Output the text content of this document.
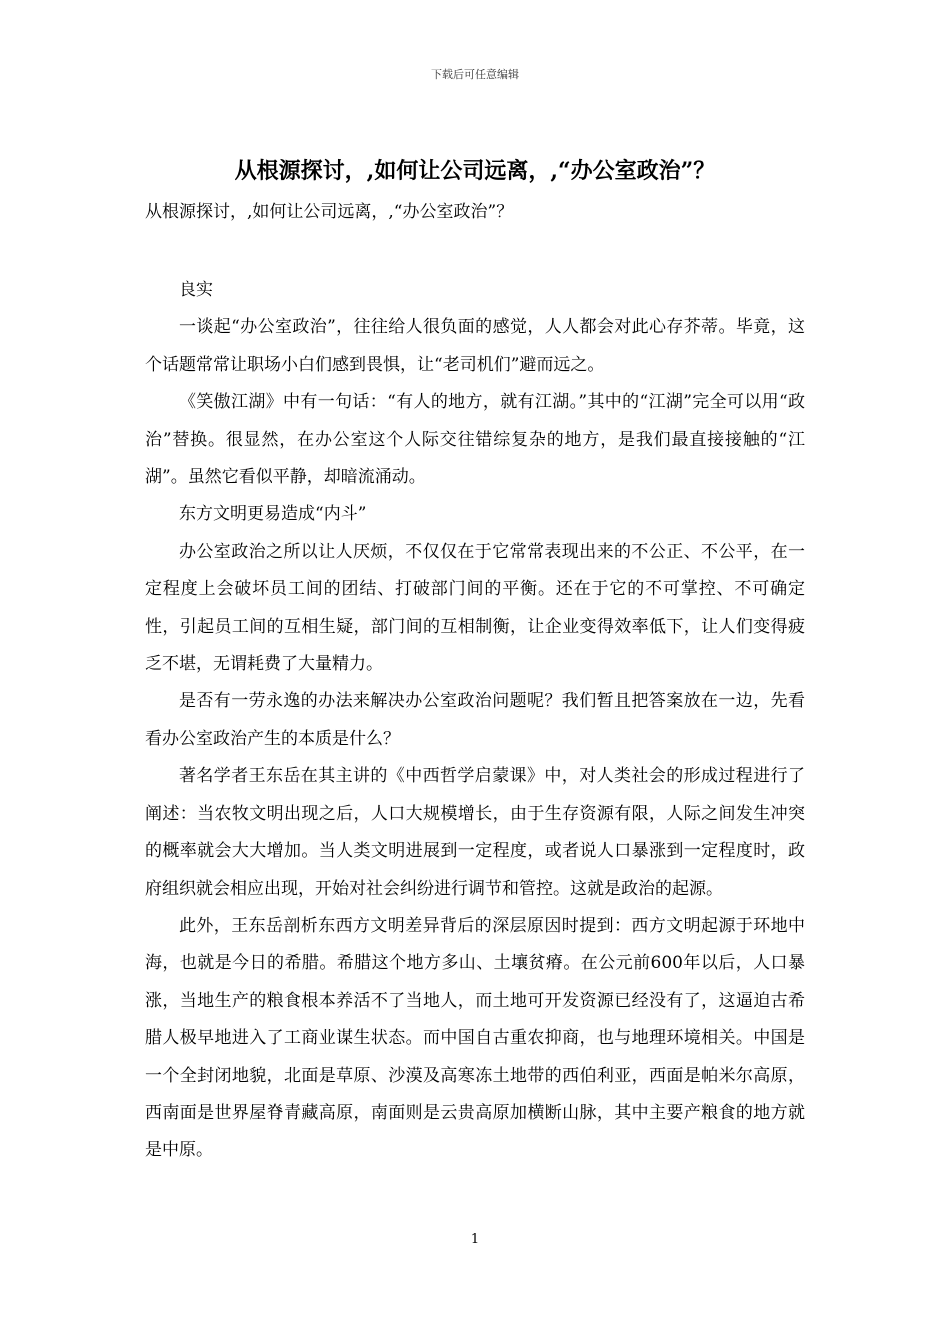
下载后可任意编辑
从根源探讨，,如何让公司远离，,“办公室政治”？

从根源探讨，,如何让公司远离，,“办公室政治”？

良实

一谈起“办公室政治”，往往给人很负面的感觉，人人都会对此心存芥蒂。毕竟，这个话题常常让职场小白们感到畏惧，让“老司机们”避而远之。

《笑傲江湖》中有一句话：“有人的地方，就有江湖。”其中的“江湖”完全可以用“政治”替换。很显然，在办公室这个人际交往错综复杂的地方，是我们最直接接触的“江湖”。虽然它看似平静，却暗流涌动。

东方文明更易造成“内斗”

办公室政治之所以让人厌烦，不仅仅在于它常常表现出来的不公正、不公平，在一定程度上会破坏员工间的团结、打破部门间的平衡。还在于它的不可掌控、不可确定性，引起员工间的互相生疑，部门间的互相制衡，让企业变得效率低下，让人们变得疲乏不堪，无谓耗费了大量精力。

是否有一劳永逸的办法来解决办公室政治问题呢？我们暂且把答案放在一边，先看看办公室政治产生的本质是什么？

著名学者王东岳在其主讲的《中西哲学启蒙课》中，对人类社会的形成过程进行了阐述：当农牧文明出现之后，人口大规模增长，由于生存资源有限，人际之间发生冲突的概率就会大大增加。当人类文明进展到一定程度，或者说人口暴涨到一定程度时，政府组织就会相应出现，开始对社会纠纷进行调节和管控。这就是政治的起源。

此外，王东岳剖析东西方文明差异背后的深层原因时提到：西方文明起源于环地中海，也就是今日的希腊。希腊这个地方多山、土壤贫瘠。在公元前600年以后，人口暴涨，当地生产的粮食根本养活不了当地人，而土地可开发资源已经没有了，这逼迫古希腊人极早地进入了工商业谋生状态。而中国自古重农抑商，也与地理环境相关。中国是一个全封闭地貌，北面是草原、沙漠及高寒冻土地带的西伯利亚，西面是帕米尔高原，西南面是世界屋脊青藏高原，南面则是云贵高原加横断山脉，其中主要产粮食的地方就是中原。

1
